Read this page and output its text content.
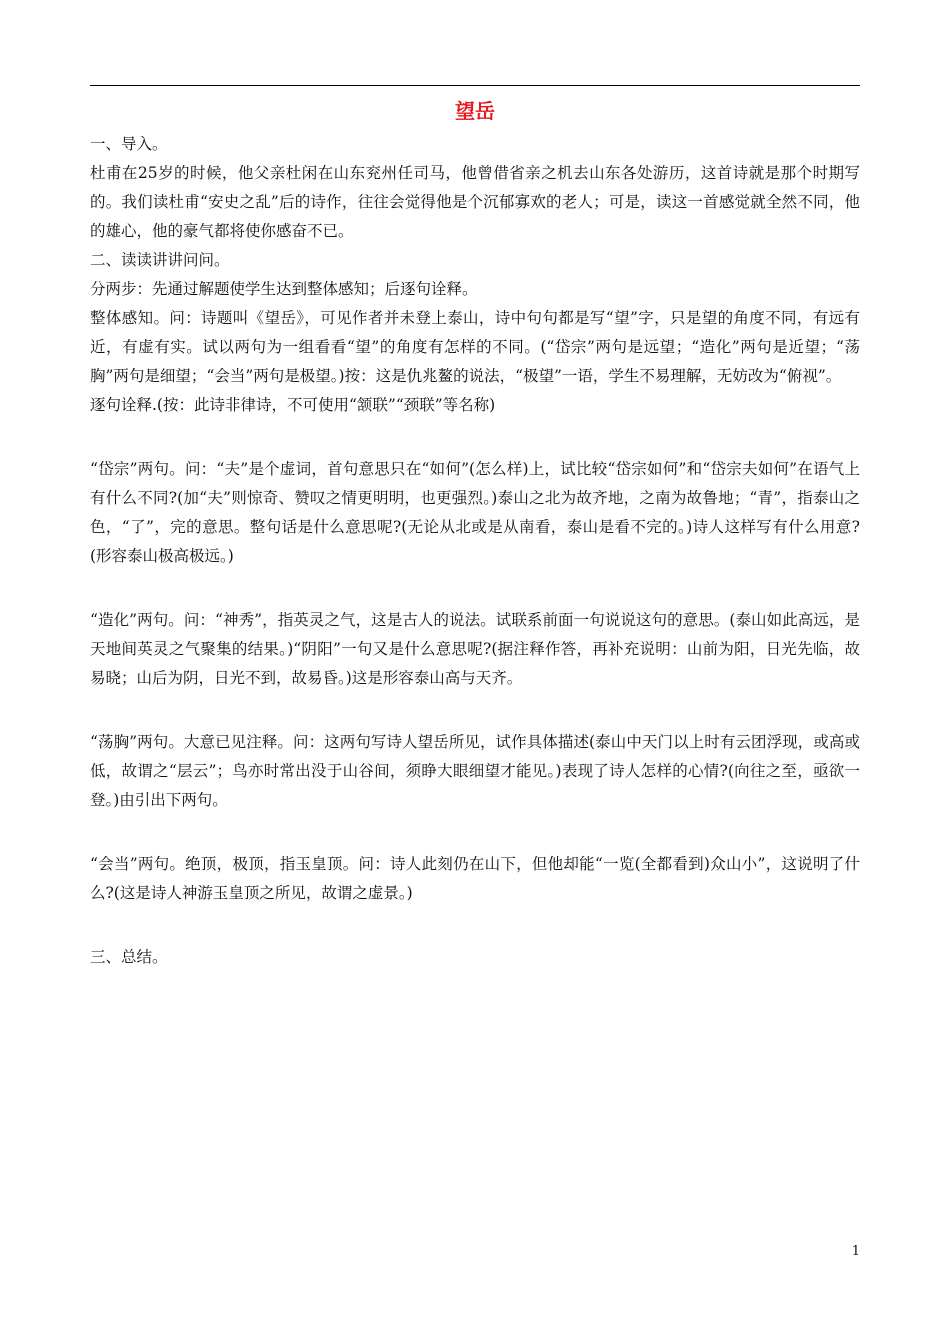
望岳

一、导入。

杜甫在25岁的时候，他父亲杜闲在山东兖州任司马，他曾借省亲之机去山东各处游历，这首诗就是那个时期写的。我们读杜甫“安史之乱”后的诗作，往往会觉得他是个沉郁寡欢的老人；可是，读这一首感觉就全然不同，他的雄心，他的豪气都将使你感奋不已。

二、读读讲讲问问。

分两步：先通过解题使学生达到整体感知；后逐句诠释。

整体感知。问：诗题叫《望岳》，可见作者并未登上泰山，诗中句句都是写“望”字，只是望的角度不同，有远有近，有虚有实。试以两句为一组看看“望”的角度有怎样的不同。(“岱宗”两句是远望；“造化”两句是近望；“荡胸”两句是细望；“会当”两句是极望。)按：这是仇兆鳌的说法，“极望”一语，学生不易理解，无妨改为“俯视”。

逐句诠释.(按：此诗非律诗，不可使用“颔联”“颈联”等名称)

“岱宗”两句。问：“夫”是个虚词，首句意思只在“如何”(怎么样)上，试比较“岱宗如何”和“岱宗夫如何”在语气上有什么不同?(加“夫”则惊奇、赞叹之情更明明，也更强烈。)泰山之北为故齐地，之南为故鲁地；“青”，指泰山之色，“了”，完的意思。整句话是什么意思呢?(无论从北或是从南看，泰山是看不完的。)诗人这样写有什么用意?(形容泰山极高极远。)

“造化”两句。问：“神秀”，指英灵之气，这是古人的说法。试联系前面一句说说这句的意思。(泰山如此高远，是天地间英灵之气聚集的结果。)“阴阳”一句又是什么意思呢?(据注释作答，再补充说明：山前为阳，日光先临，故易晓；山后为阴，日光不到，故易昏。)这是形容泰山高与天齐。

“荡胸”两句。大意已见注释。问：这两句写诗人望岳所见，试作具体描述(泰山中天门以上时有云团浮现，或高或低，故谓之“层云”；鸟亦时常出没于山谷间，须睁大眼细望才能见。)表现了诗人怎样的心情?(向往之至，亟欲一登。)由引出下两句。

“会当”两句。绝顶，极顶，指玉皇顶。问：诗人此刻仍在山下，但他却能“一览(全都看到)众山小”，这说明了什么?(这是诗人神游玉皇顶之所见，故谓之虚景。)

三、总结。

1
